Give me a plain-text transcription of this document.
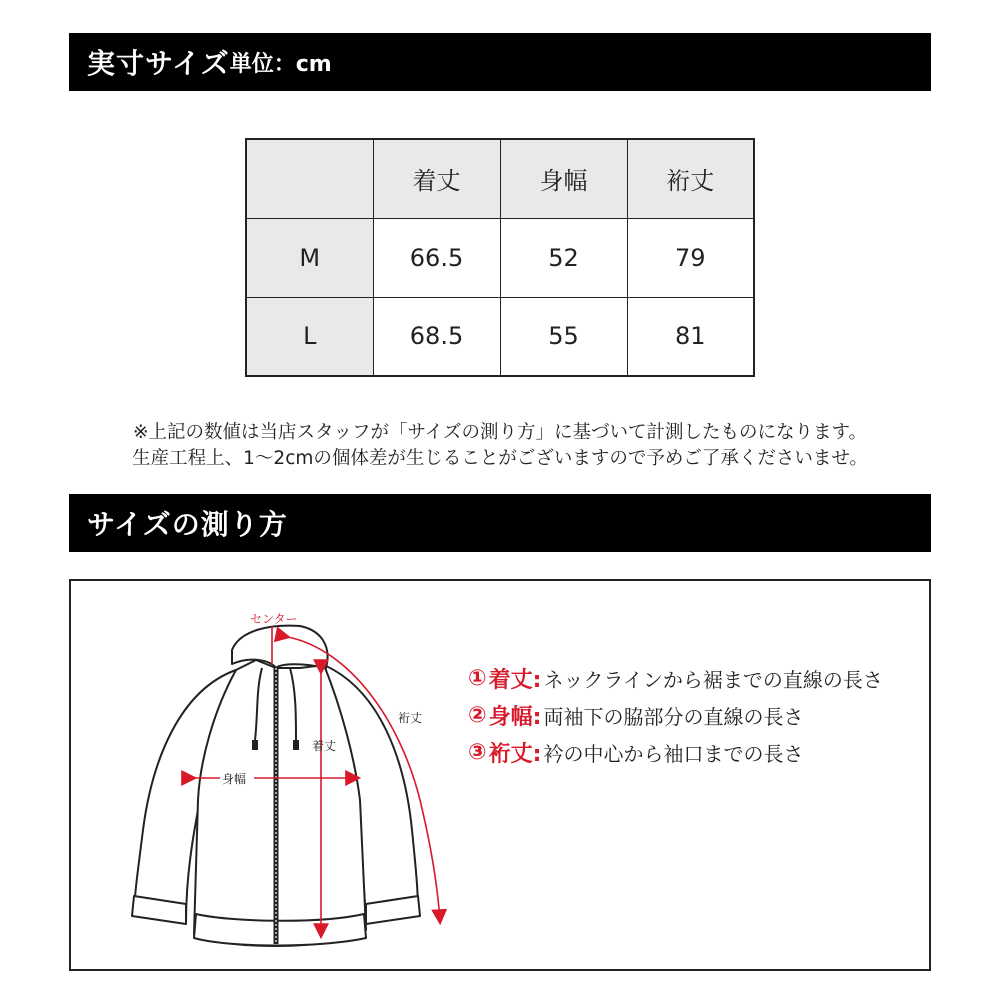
実寸サイズ 単位：cm
	着丈	身幅	裄丈
M	66.5	52	79
L	68.5	55	81
※上記の数値は当店スタッフが「サイズの測り方」に基づいて計測したものになります。
生産工程上、1〜2cmの個体差が生じることがございますので予めご了承くださいませ。
サイズの測り方
センター
着丈
身幅
裄丈
① 着丈: ネックラインから裾までの直線の長さ
② 身幅: 両袖下の脇部分の直線の長さ
③ 裄丈: 衿の中心から袖口までの長さ
